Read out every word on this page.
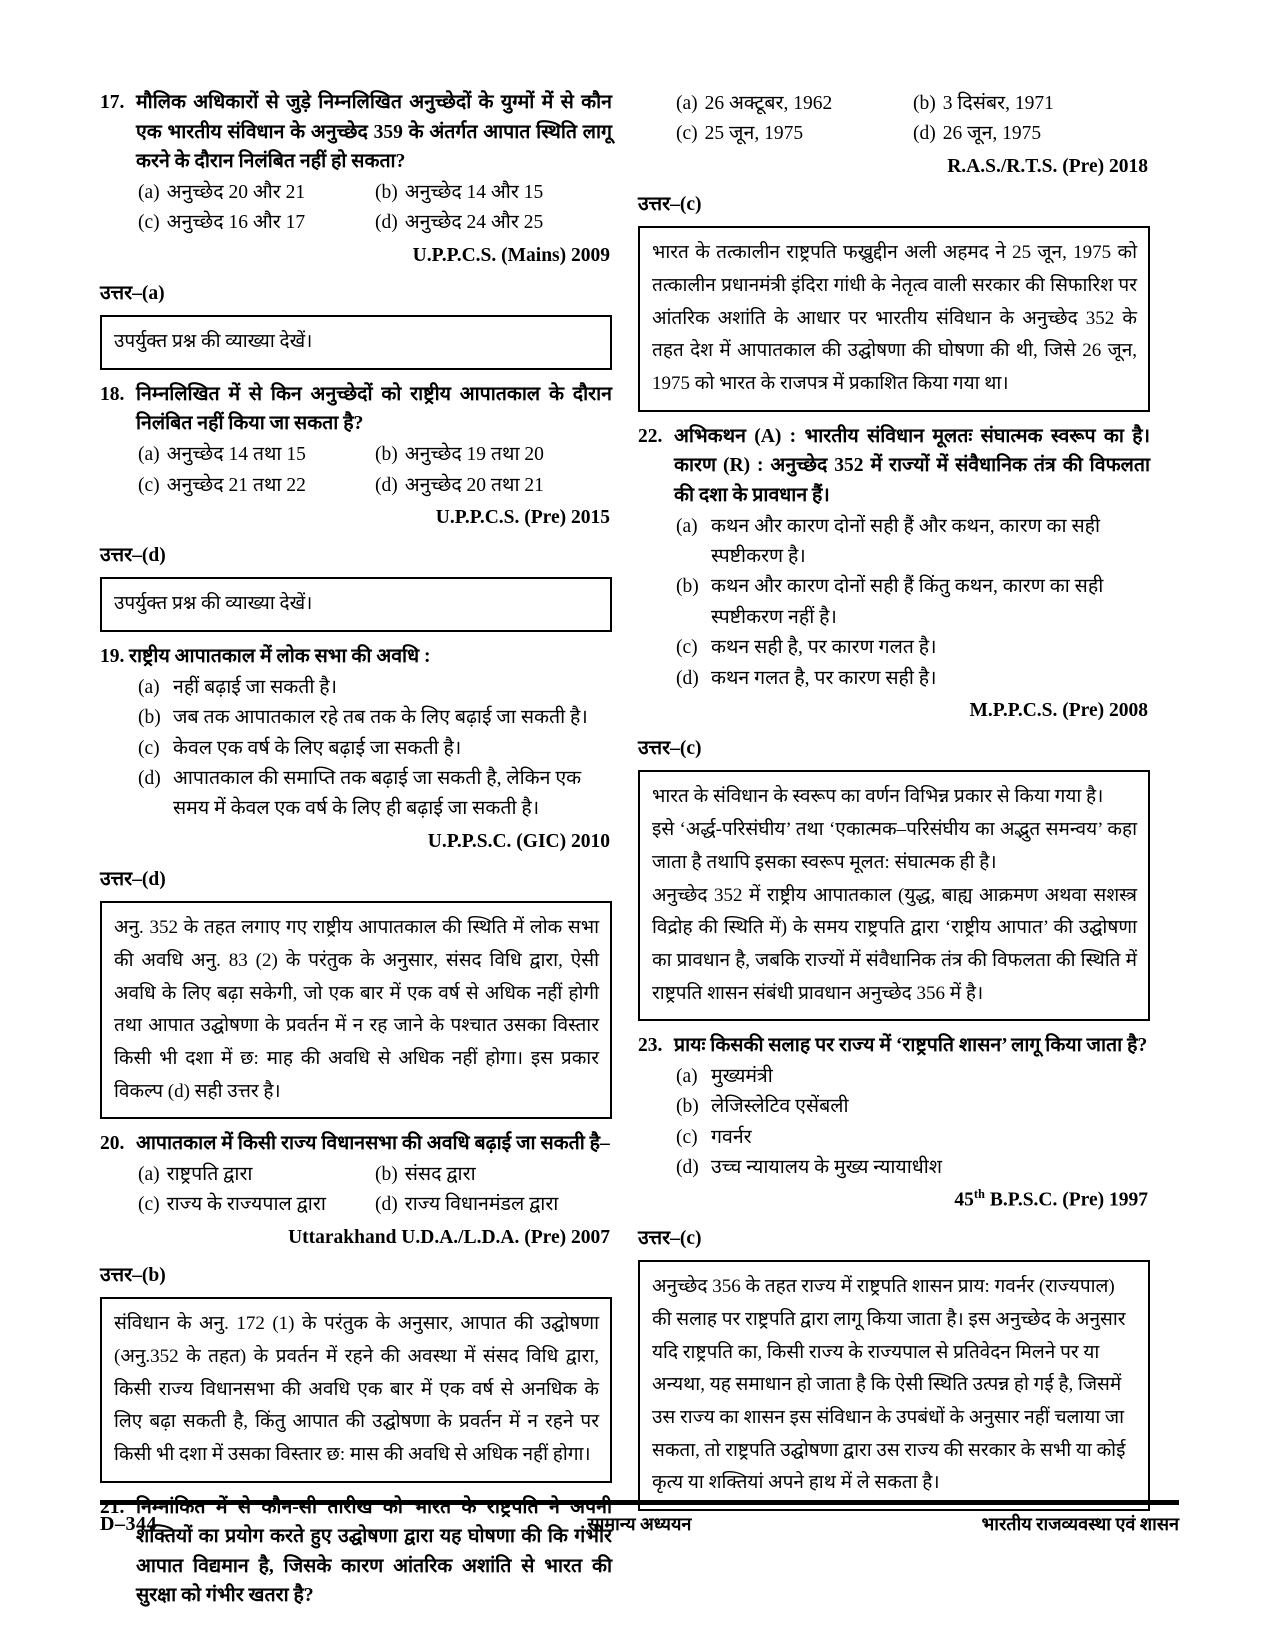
17. मौलिक अधिकारों से जुड़े निम्नलिखित अनुच्छेदों के युग्मों में से कौन एक भारतीय संविधान के अनुच्छेद 359 के अंतर्गत आपात स्थिति लागू करने के दौरान निलंबित नहीं हो सकता?
(a) अनुच्छेद 20 और 21	(b) अनुच्छेद 14 और 15
(c) अनुच्छेद 16 और 17	(d) अनुच्छेद 24 और 25
U.P.P.C.S. (Mains) 2009
उत्तर–(a)

उपर्युक्त प्रश्न की व्याख्या देखें।

18. निम्नलिखित में से किन अनुच्छेदों को राष्ट्रीय आपातकाल के दौरान निलंबित नहीं किया जा सकता है?
(a) अनुच्छेद 14 तथा 15	(b) अनुच्छेद 19 तथा 20
(c) अनुच्छेद 21 तथा 22	(d) अनुच्छेद 20 तथा 21
U.P.P.C.S. (Pre) 2015
उत्तर–(d)

उपर्युक्त प्रश्न की व्याख्या देखें।

19. राष्ट्रीय आपातकाल में लोक सभा की अवधि :
(a) नहीं बढ़ाई जा सकती है।
(b) जब तक आपातकाल रहे तब तक के लिए बढ़ाई जा सकती है।
(c) केवल एक वर्ष के लिए बढ़ाई जा सकती है।
(d) आपातकाल की समाप्ति तक बढ़ाई जा सकती है, लेकिन एक समय में केवल एक वर्ष के लिए ही बढ़ाई जा सकती है।
U.P.P.S.C. (GIC) 2010
उत्तर–(d)

अनु. 352 के तहत लगाए गए राष्ट्रीय आपातकाल की स्थिति में लोक सभा की अवधि अनु. 83 (2) के परंतुक के अनुसार, संसद विधि द्वारा, ऐसी अवधि के लिए बढ़ा सकेगी, जो एक बार में एक वर्ष से अधिक नहीं होगी तथा आपात उद्घोषणा के प्रवर्तन में न रह जाने के पश्चात उसका विस्तार किसी भी दशा में छ: माह की अवधि से अधिक नहीं होगा। इस प्रकार विकल्प (d) सही उत्तर है।

20. आपातकाल में किसी राज्य विधानसभा की अवधि बढ़ाई जा सकती है–
(a) राष्ट्रपति द्वारा	(b) संसद द्वारा
(c) राज्य के राज्यपाल द्वारा	(d) राज्य विधानमंडल द्वारा
Uttarakhand U.D.A./L.D.A. (Pre) 2007
उत्तर–(b)

संविधान के अनु. 172 (1) के परंतुक के अनुसार, आपात की उद्घोषणा (अनु.352 के तहत) के प्रवर्तन में रहने की अवस्था में संसद विधि द्वारा, किसी राज्य विधानसभा की अवधि एक बार में एक वर्ष से अनधिक के लिए बढ़ा सकती है, किंतु आपात की उद्घोषणा के प्रवर्तन में न रहने पर किसी भी दशा में उसका विस्तार छ: मास की अवधि से अधिक नहीं होगा।

21. निम्नांकित में से कौन-सी तारीख को भारत के राष्ट्रपति ने अपनी शक्तियों का प्रयोग करते हुए उद्घोषणा द्वारा यह घोषणा की कि गंभीर आपात विद्यमान है, जिसके कारण आंतरिक अशांति से भारत की सुरक्षा को गंभीर खतरा है?
(a) 26 अक्टूबर, 1962	(b) 3 दिसंबर, 1971
(c) 25 जून, 1975	(d) 26 जून, 1975
R.A.S./R.T.S. (Pre) 2018
उत्तर–(c)

भारत के तत्कालीन राष्ट्रपति फख्रुद्दीन अली अहमद ने 25 जून, 1975 को तत्कालीन प्रधानमंत्री इंदिरा गांधी के नेतृत्व वाली सरकार की सिफारिश पर आंतरिक अशांति के आधार पर भारतीय संविधान के अनुच्छेद 352 के तहत देश में आपातकाल की उद्घोषणा की घोषणा की थी, जिसे 26 जून, 1975 को भारत के राजपत्र में प्रकाशित किया गया था।

22. अभिकथन (A) : भारतीय संविधान मूलतः संघात्मक स्वरूप का है। कारण (R) : अनुच्छेद 352 में राज्यों में संवैधानिक तंत्र की विफलता की दशा के प्रावधान हैं।
(a) कथन और कारण दोनों सही हैं और कथन, कारण का सही स्पष्टीकरण है।
(b) कथन और कारण दोनों सही हैं किंतु कथन, कारण का सही स्पष्टीकरण नहीं है।
(c) कथन सही है, पर कारण गलत है।
(d) कथन गलत है, पर कारण सही है।
M.P.P.C.S. (Pre) 2008
उत्तर–(c)

भारत के संविधान के स्वरूप का वर्णन विभिन्न प्रकार से किया गया है।

इसे ‘अर्द्ध-परिसंघीय’ तथा ‘एकात्मक–परिसंघीय का अद्भुत समन्वय’ कहा जाता है तथापि इसका स्वरूप मूलत: संघात्मक ही है।

अनुच्छेद 352 में राष्ट्रीय आपातकाल (युद्ध, बाह्य आक्रमण अथवा सशस्त्र विद्रोह की स्थिति में) के समय राष्ट्रपति द्वारा ‘राष्ट्रीय आपात’ की उद्घोषणा का प्रावधान है, जबकि राज्यों में संवैधानिक तंत्र की विफलता की स्थिति में राष्ट्रपति शासन संबंधी प्रावधान अनुच्छेद 356 में है।

23. प्रायः किसकी सलाह पर राज्य में ‘राष्ट्रपति शासन’ लागू किया जाता है?
(a) मुख्यमंत्री
(b) लेजिस्लेटिव एसेंबली
(c) गवर्नर
(d) उच्च न्यायालय के मुख्य न्यायाधीश
45th B.P.S.C. (Pre) 1997
उत्तर–(c)

अनुच्छेद 356 के तहत राज्य में राष्ट्रपति शासन प्राय: गवर्नर (राज्यपाल) की सलाह पर राष्ट्रपति द्वारा लागू किया जाता है। इस अनुच्छेद के अनुसार यदि राष्ट्रपति का, किसी राज्य के राज्यपाल से प्रतिवेदन मिलने पर या अन्यथा, यह समाधान हो जाता है कि ऐसी स्थिति उत्पन्न हो गई है, जिसमें उस राज्य का शासन इस संविधान के उपबंधों के अनुसार नहीं चलाया जा सकता, तो राष्ट्रपति उद्घोषणा द्वारा उस राज्य की सरकार के सभी या कोई कृत्य या शक्तियां अपने हाथ में ले सकता है।

D–344	सामान्य अध्ययन	भारतीय राजव्यवस्था एवं शासन
